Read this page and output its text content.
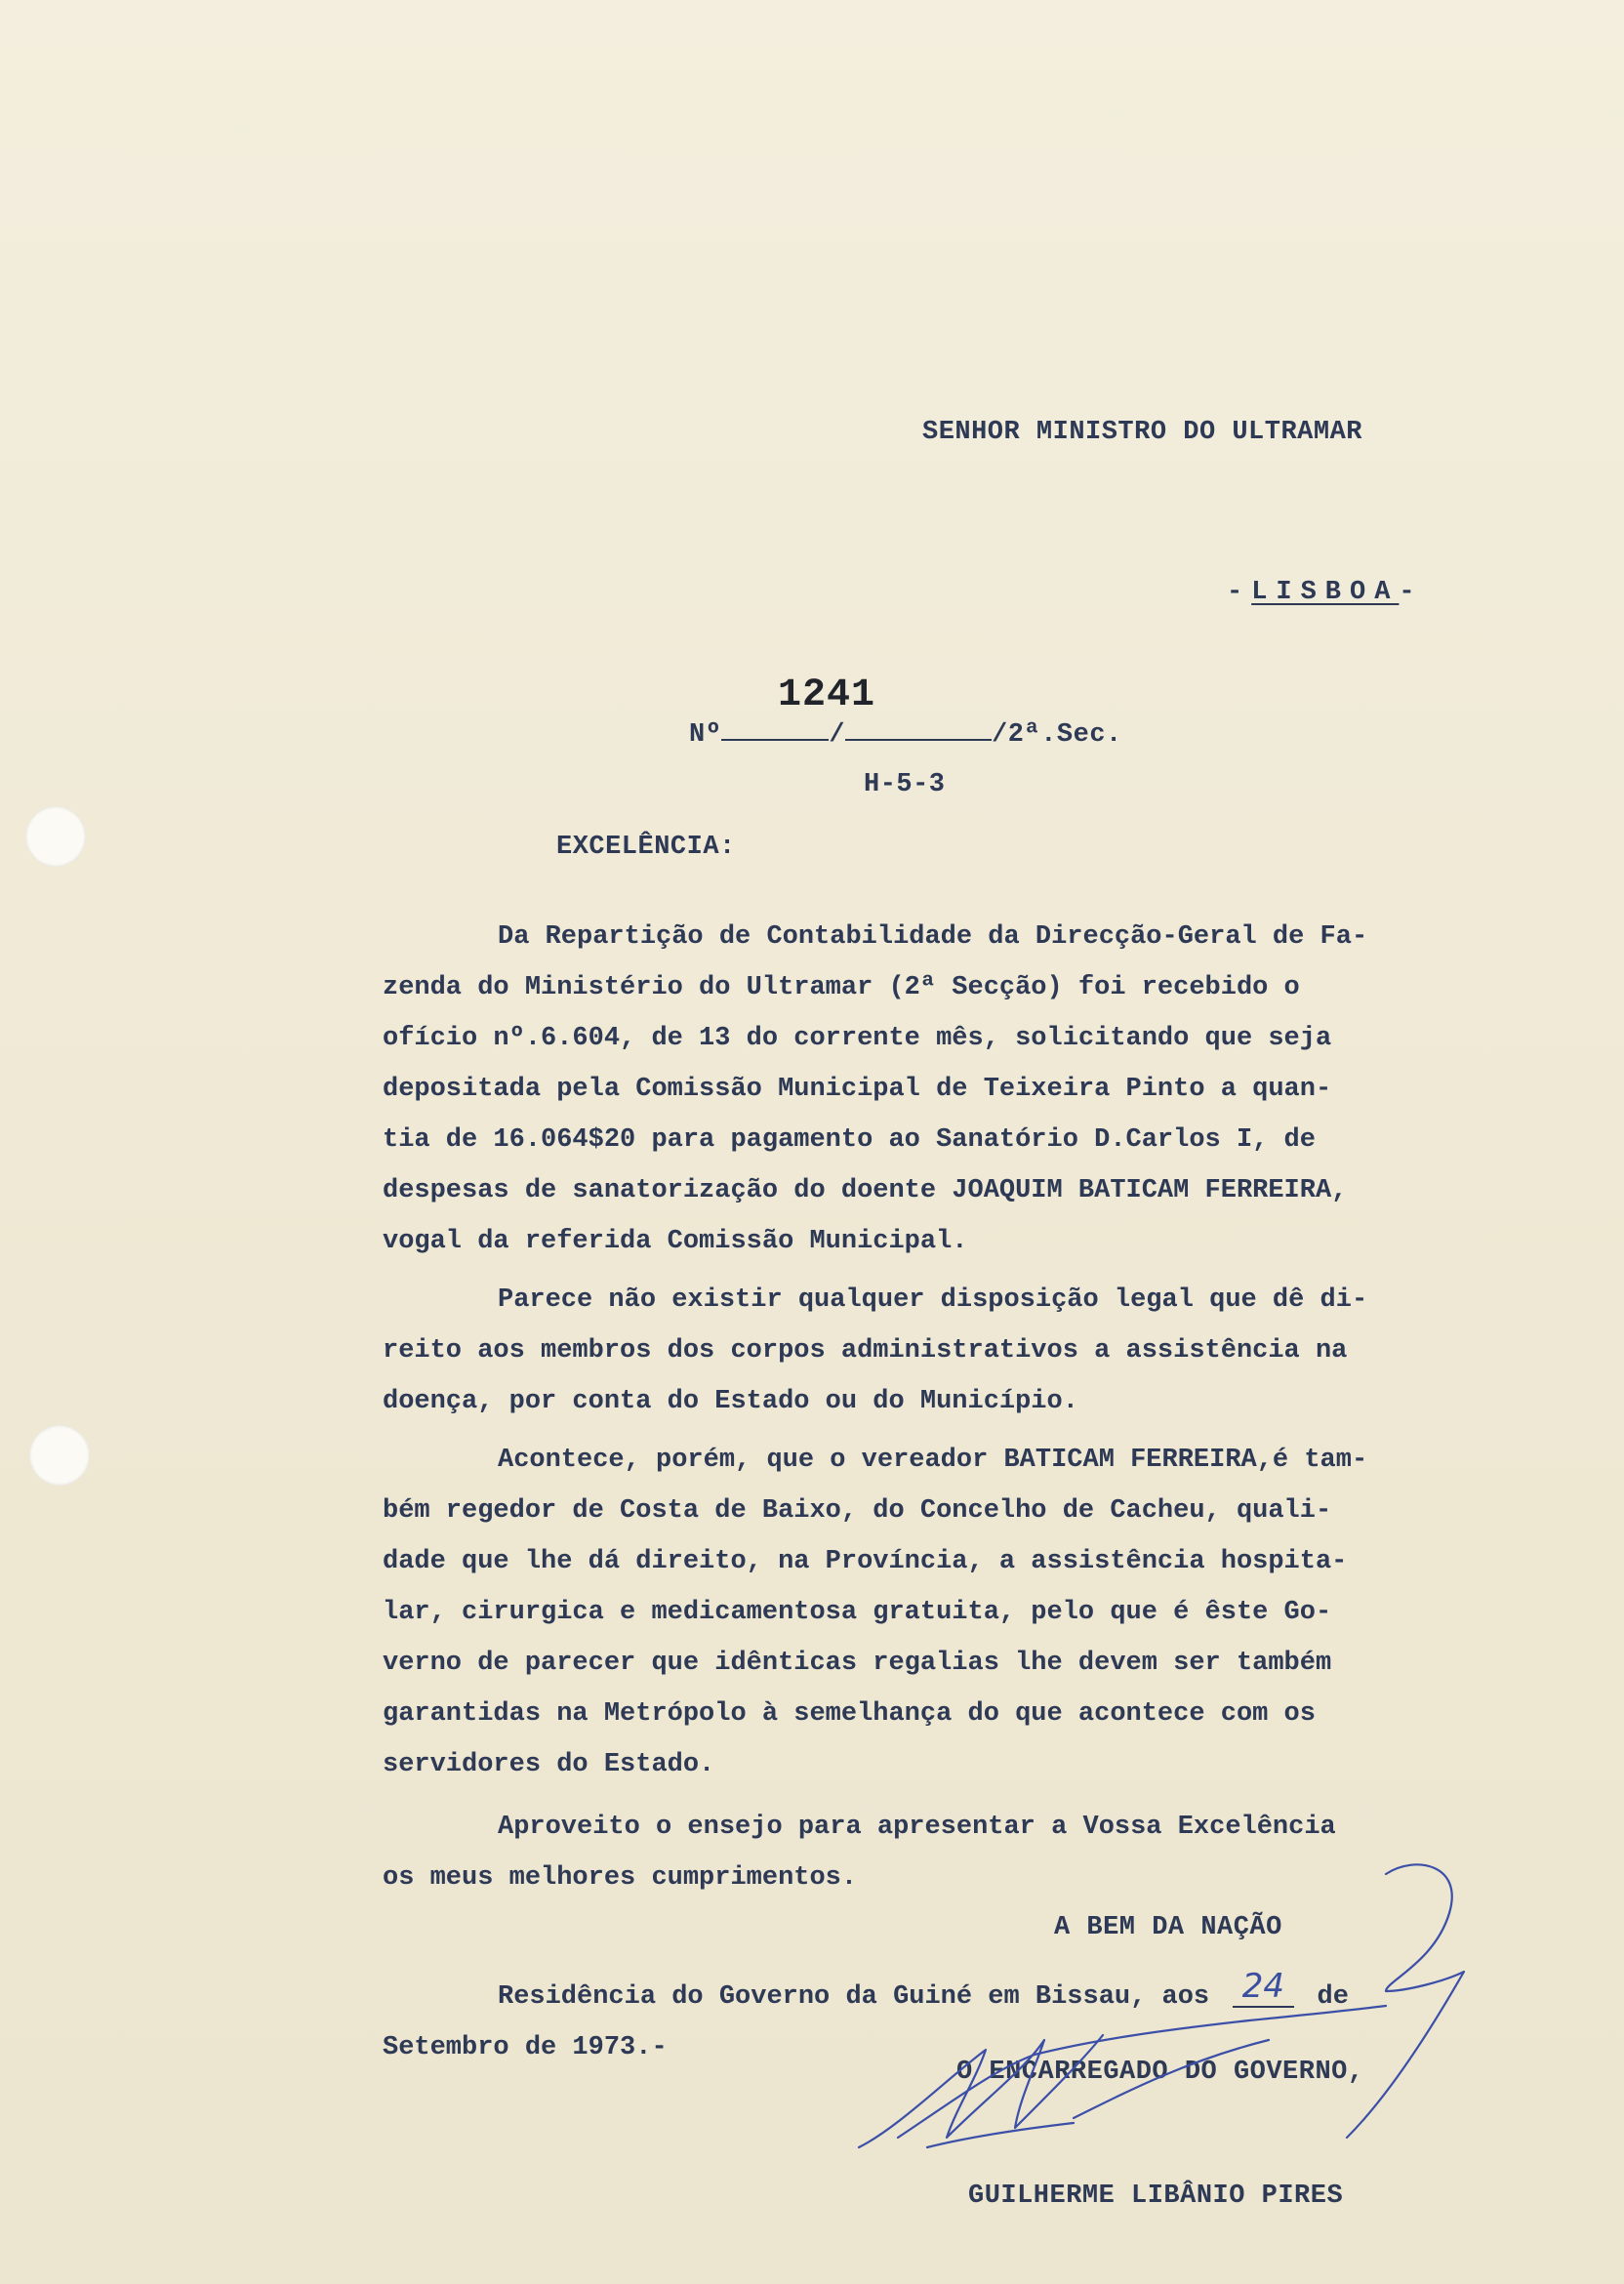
SENHOR MINISTRO DO ULTRAMAR
-LISBOA-
1241
Nº	/	/2ª.Sec.
H-5-3
EXCELÊNCIA:
Da Repartição de Contabilidade da Direcção-Geral de Fa-
zenda do Ministério do Ultramar (2ª Secção) foi recebido o
ofício nº.6.604, de 13 do corrente mês, solicitando que seja
depositada pela Comissão Municipal de Teixeira Pinto a quan-
tia de 16.064$20 para pagamento ao Sanatório D.Carlos I, de
despesas de sanatorização do doente JOAQUIM BATICAM FERREIRA,
vogal da referida Comissão Municipal.
Parece não existir qualquer disposição legal que dê di-
reito aos membros dos corpos administrativos a assistência na
doença, por conta do Estado ou do Município.
Acontece, porém, que o vereador BATICAM FERREIRA,é tam-
bém regedor de Costa de Baixo, do Concelho de Cacheu, quali-
dade que lhe dá direito, na Província, a assistência hospita-
lar, cirurgica e medicamentosa gratuita, pelo que é êste Go-
verno de parecer que idênticas regalias lhe devem ser também
garantidas na Metrópolo à semelhança do que acontece com os
servidores do Estado.
Aproveito o ensejo para apresentar a Vossa Excelência
os meus melhores cumprimentos.
A BEM DA NAÇÃO
Residência do Governo da Guiné em Bissau, aos 24 de
Setembro de 1973.-
O ENCARREGADO DO GOVERNO,
GUILHERME LIBÂNIO PIRES
